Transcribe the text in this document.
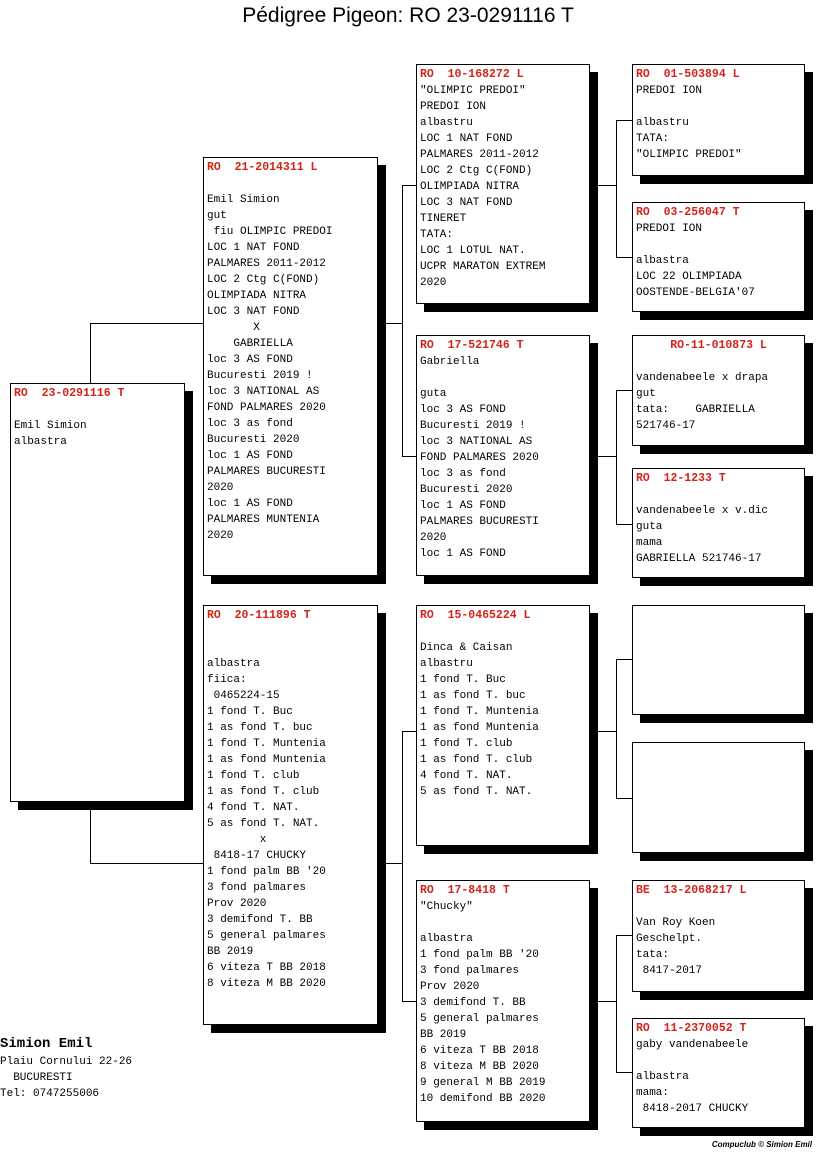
Pédigree Pigeon: RO 23-0291116 T
RO  23-0291116 T
Emil Simion
albastra
RO  21-2014311 L
Emil Simion
gut
fiu OLIMPIC PREDOI
LOC 1 NAT FOND
PALMARES 2011-2012
LOC 2 Ctg C(FOND)
OLIMPIADA NITRA
LOC 3 NAT FOND
X
GABRIELLA
loc 3 AS FOND
Bucuresti 2019 !
loc 3 NATIONAL AS
FOND PALMARES 2020
loc 3 as fond
Bucuresti 2020
loc 1 AS FOND
PALMARES BUCURESTI
2020
loc 1 AS FOND
PALMARES MUNTENIA
2020
RO  20-111896 T
albastra
fiica:
0465224-15
1 fond T. Buc
1 as fond T. buc
1 fond T. Muntenia
1 as fond Muntenia
1 fond T. club
1 as fond T. club
4 fond T. NAT.
5 as fond T. NAT.
x
8418-17 CHUCKY
1 fond palm BB '20
3 fond palmares
Prov 2020
3 demifond T. BB
5 general palmares
BB 2019
6 viteza T BB 2018
8 viteza M BB 2020
RO  10-168272 L
"OLIMPIC PREDOI"
PREDOI ION
albastru
LOC 1 NAT FOND
PALMARES 2011-2012
LOC 2 Ctg C(FOND)
OLIMPIADA NITRA
LOC 3 NAT FOND
TINERET
TATA:
LOC 1 LOTUL NAT.
UCPR MARATON EXTREM
2020
RO  17-521746 T
Gabriella
guta
loc 3 AS FOND
Bucuresti 2019 !
loc 3 NATIONAL AS
FOND PALMARES 2020
loc 3 as fond
Bucuresti 2020
loc 1 AS FOND
PALMARES BUCURESTI
2020
loc 1 AS FOND
RO  15-0465224 L
Dinca & Caisan
albastru
1 fond T. Buc
1 as fond T. buc
1 fond T. Muntenia
1 as fond Muntenia
1 fond T. club
1 as fond T. club
4 fond T. NAT.
5 as fond T. NAT.
RO  17-8418 T
"Chucky"
albastra
1 fond palm BB '20
3 fond palmares
Prov 2020
3 demifond T. BB
5 general palmares
BB 2019
6 viteza T BB 2018
8 viteza M BB 2020
9 general M BB 2019
10 demifond BB 2020
RO  01-503894 L
PREDOI ION
albastru
TATA:
"OLIMPIC PREDOI"
RO  03-256047 T
PREDOI ION
albastra
LOC 22 OLIMPIADA
OOSTENDE-BELGIA'07
RO-11-010873 L
vandenabeele x drapa
gut
tata:    GABRIELLA
521746-17
RO  12-1233 T
vandenabeele x v.dic
guta
mama
GABRIELLA 521746-17
BE  13-2068217 L
Van Roy Koen
Geschelpt.
tata:
8417-2017
RO  11-2370052 T
gaby vandenabeele
albastra
mama:
8418-2017 CHUCKY
Simion Emil
Plaiu Cornului 22-26
BUCURESTI
Tel: 0747255006
Compuclub © Simion Emil
